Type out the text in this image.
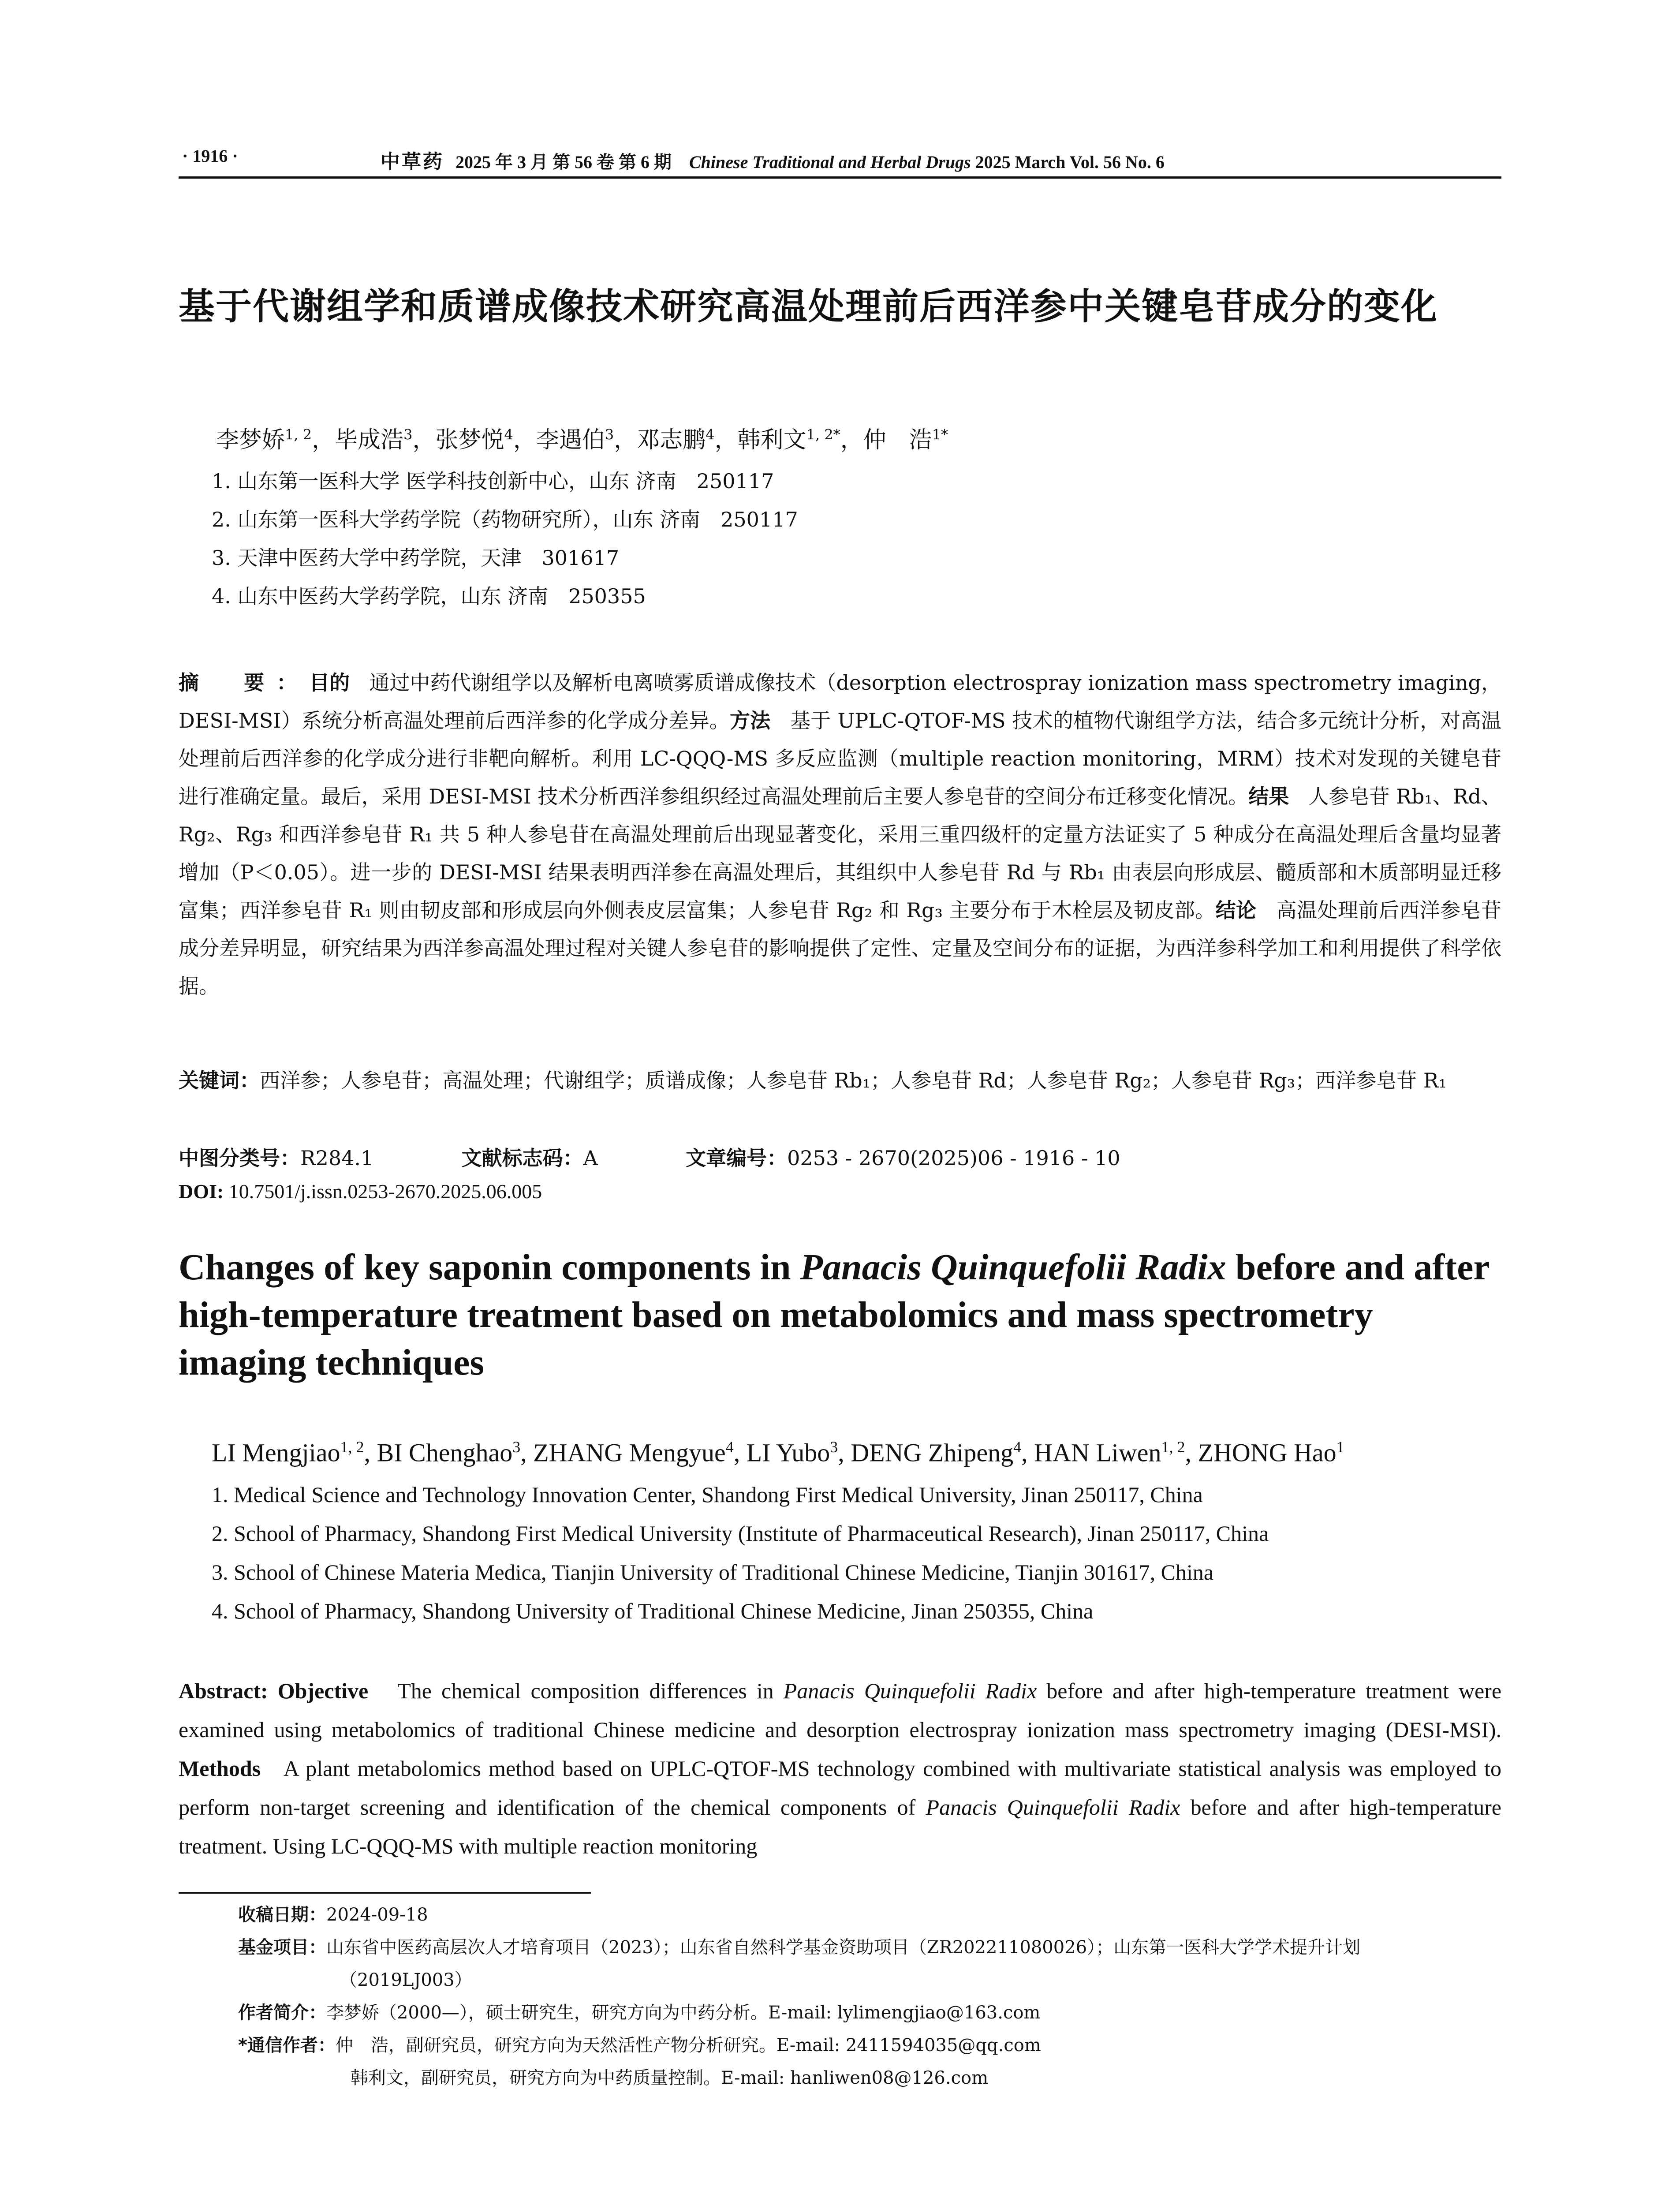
· 1916 ·	中草药 2025 年 3 月 第 56 卷 第 6 期 Chinese Traditional and Herbal Drugs 2025 March Vol. 56 No. 6
基于代谢组学和质谱成像技术研究高温处理前后西洋参中关键皂苷成分的变化
李梦娇$^{1, 2}$，毕成浩$^3$，张梦悦$^4$，李遇伯$^3$，邓志鹏$^4$，韩利文$^{1, 2*}$，仲　浩$^{1*}$
1. 山东第一医科大学 医学科技创新中心，山东 济南　250117
2. 山东第一医科大学药学院（药物研究所），山东 济南　250117
3. 天津中医药大学中药学院，天津　301617
4. 山东中医药大学药学院，山东 济南　250355
摘　要：目的 通过中药代谢组学以及解析电离喷雾质谱成像技术（desorption electrospray ionization mass spectrometry imaging，DESI-MSI）系统分析高温处理前后西洋参的化学成分差异。方法 基于 UPLC-QTOF-MS 技术的植物代谢组学方法，结合多元统计分析，对高温处理前后西洋参的化学成分进行非靶向解析。利用 LC-QQQ-MS 多反应监测（multiple reaction monitoring，MRM）技术对发现的关键皂苷进行准确定量。最后，采用 DESI-MSI 技术分析西洋参组织经过高温处理前后主要人参皂苷的空间分布迁移变化情况。结果 人参皂苷 Rb₁、Rd、Rg₂、Rg₃ 和西洋参皂苷 R₁ 共 5 种人参皂苷在高温处理前后出现显著变化，采用三重四级杆的定量方法证实了 5 种成分在高温处理后含量均显著增加（P＜0.05）。进一步的 DESI-MSI 结果表明西洋参在高温处理后，其组织中人参皂苷 Rd 与 Rb₁ 由表层向形成层、髓质部和木质部明显迁移富集；西洋参皂苷 R₁ 则由韧皮部和形成层向外侧表皮层富集；人参皂苷 Rg₂ 和 Rg₃ 主要分布于木栓层及韧皮部。结论 高温处理前后西洋参皂苷成分差异明显，研究结果为西洋参高温处理过程对关键人参皂苷的影响提供了定性、定量及空间分布的证据，为西洋参科学加工和利用提供了科学依据。
关键词：西洋参；人参皂苷；高温处理；代谢组学；质谱成像；人参皂苷 Rb₁；人参皂苷 Rd；人参皂苷 Rg₂；人参皂苷 Rg₃；西洋参皂苷 R₁
中图分类号：R284.1	文献标志码：A	文章编号：0253 - 2670(2025)06 - 1916 - 10
DOI: 10.7501/j.issn.0253-2670.2025.06.005
Changes of key saponin components in Panacis Quinquefolii Radix before and after high-temperature treatment based on metabolomics and mass spectrometry imaging techniques
LI Mengjiao$^{1, 2}$, BI Chenghao$^3$, ZHANG Mengyue$^4$, LI Yubo$^3$, DENG Zhipeng$^4$, HAN Liwen$^{1, 2}$, ZHONG Hao$^1$
1. Medical Science and Technology Innovation Center, Shandong First Medical University, Jinan 250117, China
2. School of Pharmacy, Shandong First Medical University (Institute of Pharmaceutical Research), Jinan 250117, China
3. School of Chinese Materia Medica, Tianjin University of Traditional Chinese Medicine, Tianjin 301617, China
4. School of Pharmacy, Shandong University of Traditional Chinese Medicine, Jinan 250355, China
Abstract: Objective The chemical composition differences in Panacis Quinquefolii Radix before and after high-temperature treatment were examined using metabolomics of traditional Chinese medicine and desorption electrospray ionization mass spectrometry imaging (DESI-MSI). Methods A plant metabolomics method based on UPLC-QTOF-MS technology combined with multivariate statistical analysis was employed to perform non-target screening and identification of the chemical components of Panacis Quinquefolii Radix before and after high-temperature treatment. Using LC-QQQ-MS with multiple reaction monitoring
收稿日期：2024-09-18
基金项目：山东省中医药高层次人才培育项目（2023）；山东省自然科学基金资助项目（ZR202211080026）；山东第一医科大学学术提升计划
（2019LJ003）
作者简介：李梦娇（2000—），硕士研究生，研究方向为中药分析。E-mail: lylimengjiao@163.com
*通信作者：仲　浩，副研究员，研究方向为天然活性产物分析研究。E-mail: 2411594035@qq.com
韩利文，副研究员，研究方向为中药质量控制。E-mail: hanliwen08@126.com
